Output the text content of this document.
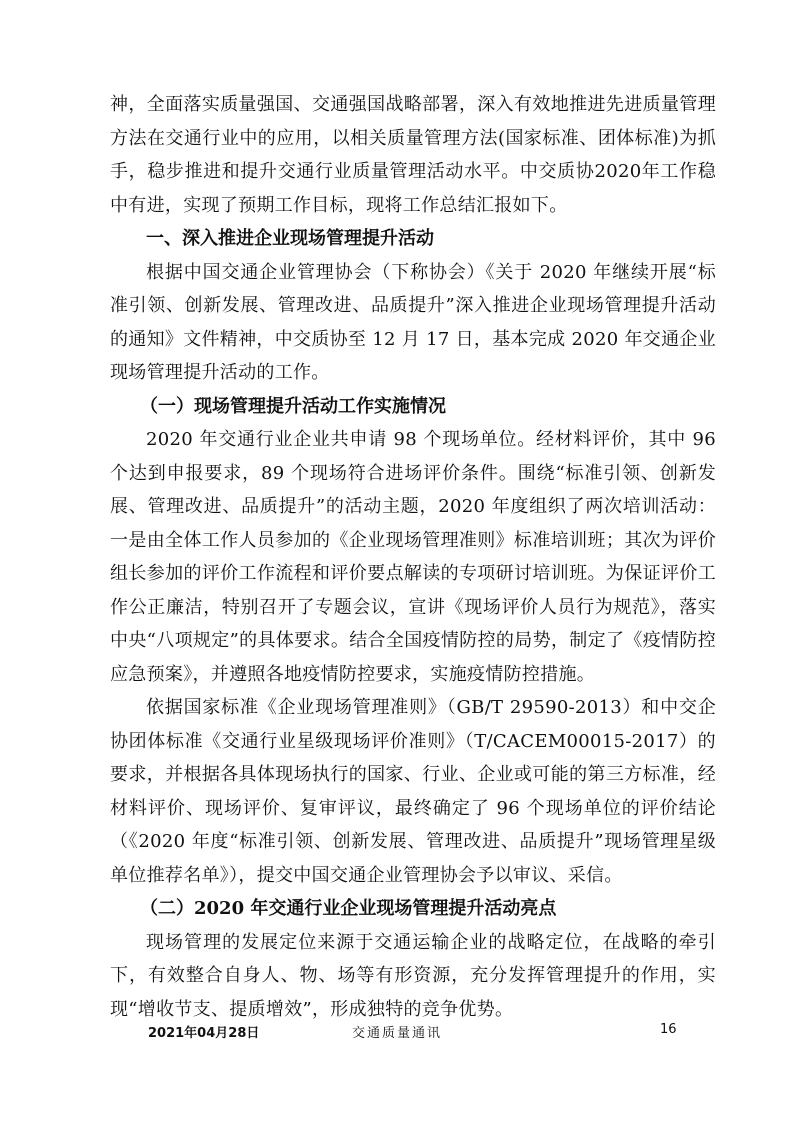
神，全面落实质量强国、交通强国战略部署，深入有效地推进先进质量管理方法在交通行业中的应用，以相关质量管理方法(国家标准、团体标准)为抓手，稳步推进和提升交通行业质量管理活动水平。中交质协2020年工作稳中有进，实现了预期工作目标，现将工作总结汇报如下。

一、深入推进企业现场管理提升活动

根据中国交通企业管理协会（下称协会）《关于 2020 年继续开展“标准引领、创新发展、管理改进、品质提升”深入推进企业现场管理提升活动的通知》文件精神，中交质协至 12 月 17 日，基本完成 2020 年交通企业现场管理提升活动的工作。

（一）现场管理提升活动工作实施情况

2020 年交通行业企业共申请 98 个现场单位。经材料评价，其中 96 个达到申报要求，89 个现场符合进场评价条件。围绕“标准引领、创新发展、管理改进、品质提升”的活动主题，2020 年度组织了两次培训活动：一是由全体工作人员参加的《企业现场管理准则》标准培训班；其次为评价组长参加的评价工作流程和评价要点解读的专项研讨培训班。为保证评价工作公正廉洁，特别召开了专题会议，宣讲《现场评价人员行为规范》，落实中央“八项规定”的具体要求。结合全国疫情防控的局势，制定了《疫情防控应急预案》，并遵照各地疫情防控要求，实施疫情防控措施。

依据国家标准《企业现场管理准则》（GB/T 29590-2013）和中交企协团体标准《交通行业星级现场评价准则》（T/CACEM00015-2017）的要求，并根据各具体现场执行的国家、行业、企业或可能的第三方标准，经材料评价、现场评价、复审评议，最终确定了 96 个现场单位的评价结论（《2020 年度“标准引领、创新发展、管理改进、品质提升”现场管理星级单位推荐名单》），提交中国交通企业管理协会予以审议、采信。

（二）2020 年交通行业企业现场管理提升活动亮点

现场管理的发展定位来源于交通运输企业的战略定位，在战略的牵引下，有效整合自身人、物、场等有形资源，充分发挥管理提升的作用，实现“增收节支、提质增效”，形成独特的竞争优势。

2021年04月28日	交通质量通讯	16
